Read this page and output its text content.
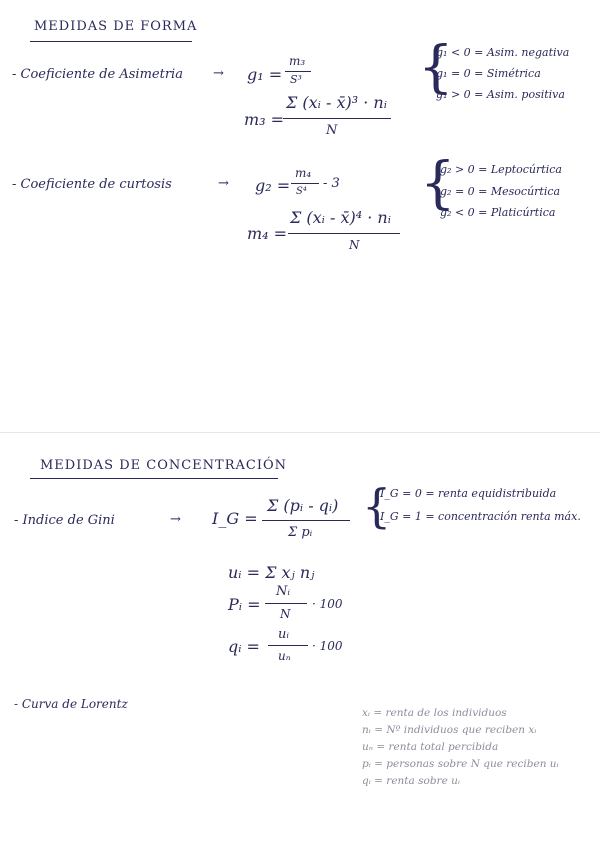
MEDIDAS DE FORMA
- Coeficiente de Asimetria → g₁ =
m₃
S³
m₃ =
Σ (xᵢ - x̄)³ · nᵢ
N
{
g₁ < 0 = Asim. negativa
g₁ = 0 = Simétrica
g₁ > 0 = Asim. positiva
- Coeficiente de curtosis	→ g₂ =
m₄
S⁴
- 3
m₄ =
Σ (xᵢ - x̄)⁴ · nᵢ
N
{
g₂ > 0 = Leptocúrtica
g₂ = 0 = Mesocúrtica
g₂ < 0 = Platicúrtica
MEDIDAS DE CONCENTRACIÓN
- Indice de Gini	→ I_G =
Σ (pᵢ - qᵢ)
Σ pᵢ {
I_G = 0 = renta equidistribuida
I_G = 1 = concentración renta máx.
uᵢ = Σ xⱼ nⱼ
Pᵢ =
Nᵢ
N
· 100
qᵢ =
uᵢ
uₙ
· 100
- Curva de Lorentz
xᵢ = renta de los individuos
nᵢ = Nº individuos que reciben xᵢ
uₙ = renta total percibida
pᵢ = personas sobre N que reciben uᵢ
qᵢ = renta sobre uᵢ
